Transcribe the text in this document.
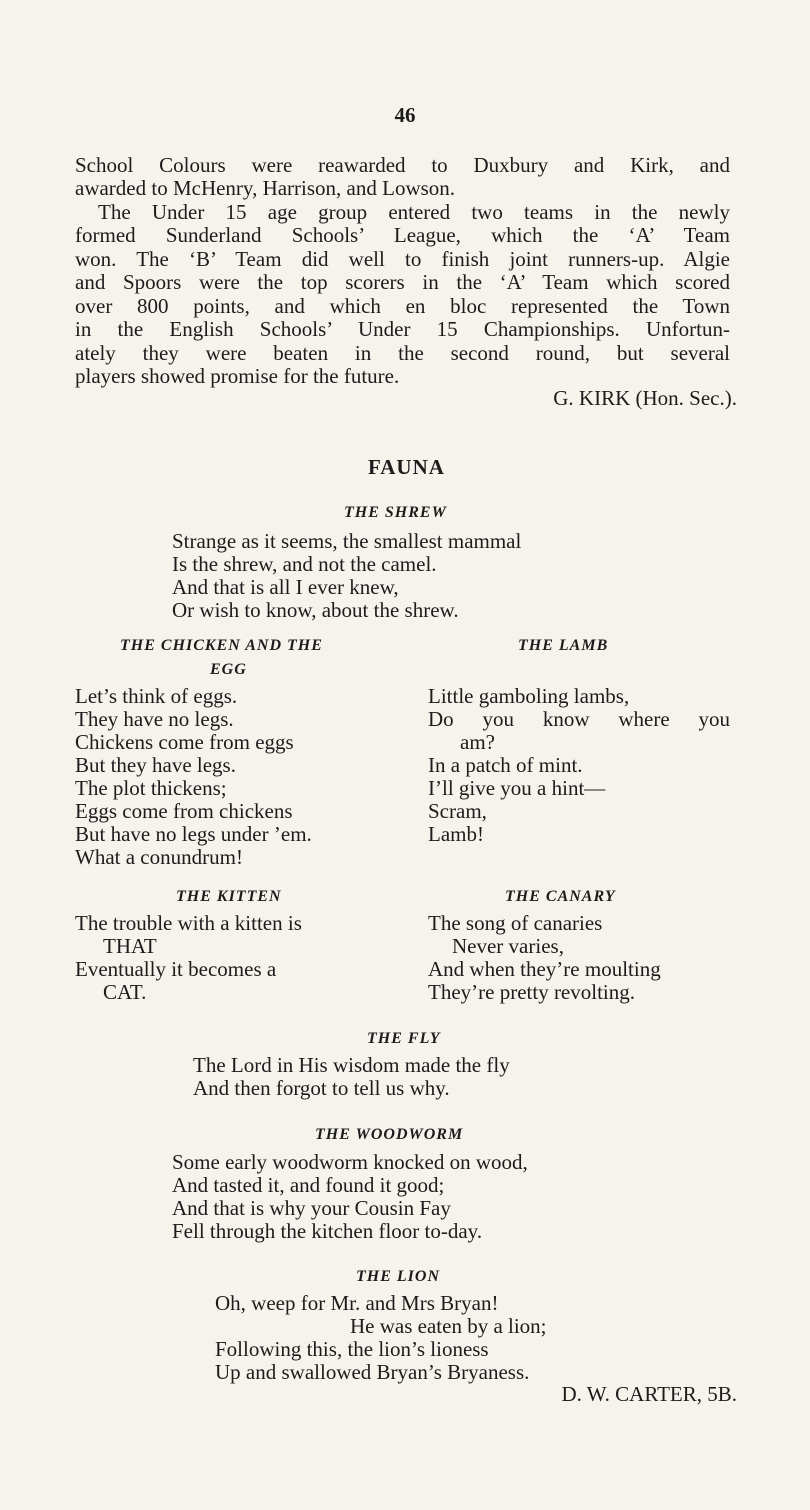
46
School Colours were reawarded to Duxbury and Kirk, and
awarded to McHenry, Harrison, and Lowson.
The Under 15 age group entered two teams in the newly
formed Sunderland Schools’ League, which the ‘A’ Team
won. The ‘B’ Team did well to finish joint runners-up. Algie
and Spoors were the top scorers in the ‘A’ Team which scored
over 800 points, and which en bloc represented the Town
in the English Schools’ Under 15 Championships. Unfortun-
ately they were beaten in the second round, but several
players showed promise for the future.
G. KIRK (Hon. Sec.).
FAUNA
THE SHREW
Strange as it seems, the smallest mammal
Is the shrew, and not the camel.
And that is all I ever knew,
Or wish to know, about the shrew.
THE CHICKEN AND THE
EGG
Let’s think of eggs.
They have no legs.
Chickens come from eggs
But they have legs.
The plot thickens;
Eggs come from chickens
But have no legs under ’em.
What a conundrum!
THE LAMB
Little gamboling lambs,
Do you know where you
am?
In a patch of mint.
I’ll give you a hint—
Scram,
Lamb!
THE KITTEN
The trouble with a kitten is
THAT
Eventually it becomes a
CAT.
THE CANARY
The song of canaries
Never varies,
And when they’re moulting
They’re pretty revolting.
THE FLY
The Lord in His wisdom made the fly
And then forgot to tell us why.
THE WOODWORM
Some early woodworm knocked on wood,
And tasted it, and found it good;
And that is why your Cousin Fay
Fell through the kitchen floor to-day.
THE LION
Oh, weep for Mr. and Mrs Bryan!
He was eaten by a lion;
Following this, the lion’s lioness
Up and swallowed Bryan’s Bryaness.
D. W. CARTER, 5B.
